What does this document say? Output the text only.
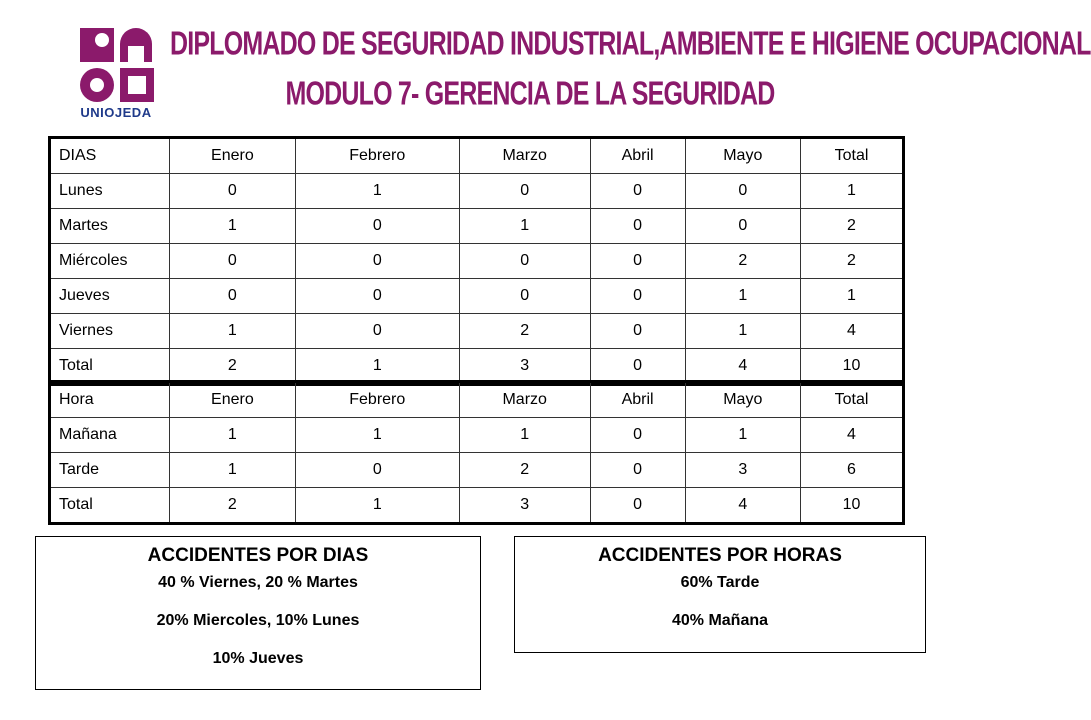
UNIOJEDA
DIPLOMADO DE SEGURIDAD INDUSTRIAL,AMBIENTE E HIGIENE OCUPACIONAL
MODULO 7- GERENCIA DE LA SEGURIDAD
DIAS	Enero	Febrero	Marzo	Abril	Mayo	Total
Lunes	0	1	0	0	0	1
Martes	1	0	1	0	0	2
Miércoles	0	0	0	0	2	2
Jueves	0	0	0	0	1	1
Viernes	1	0	2	0	1	4
Total	2	1	3	0	4	10
Hora	Enero	Febrero	Marzo	Abril	Mayo	Total
Mañana	1	1	1	0	1	4
Tarde	1	0	2	0	3	6
Total	2	1	3	0	4	10
ACCIDENTES POR DIAS
40 % Viernes, 20 % Martes
20% Miercoles, 10% Lunes
10% Jueves
ACCIDENTES POR HORAS
60% Tarde
40% Mañana
